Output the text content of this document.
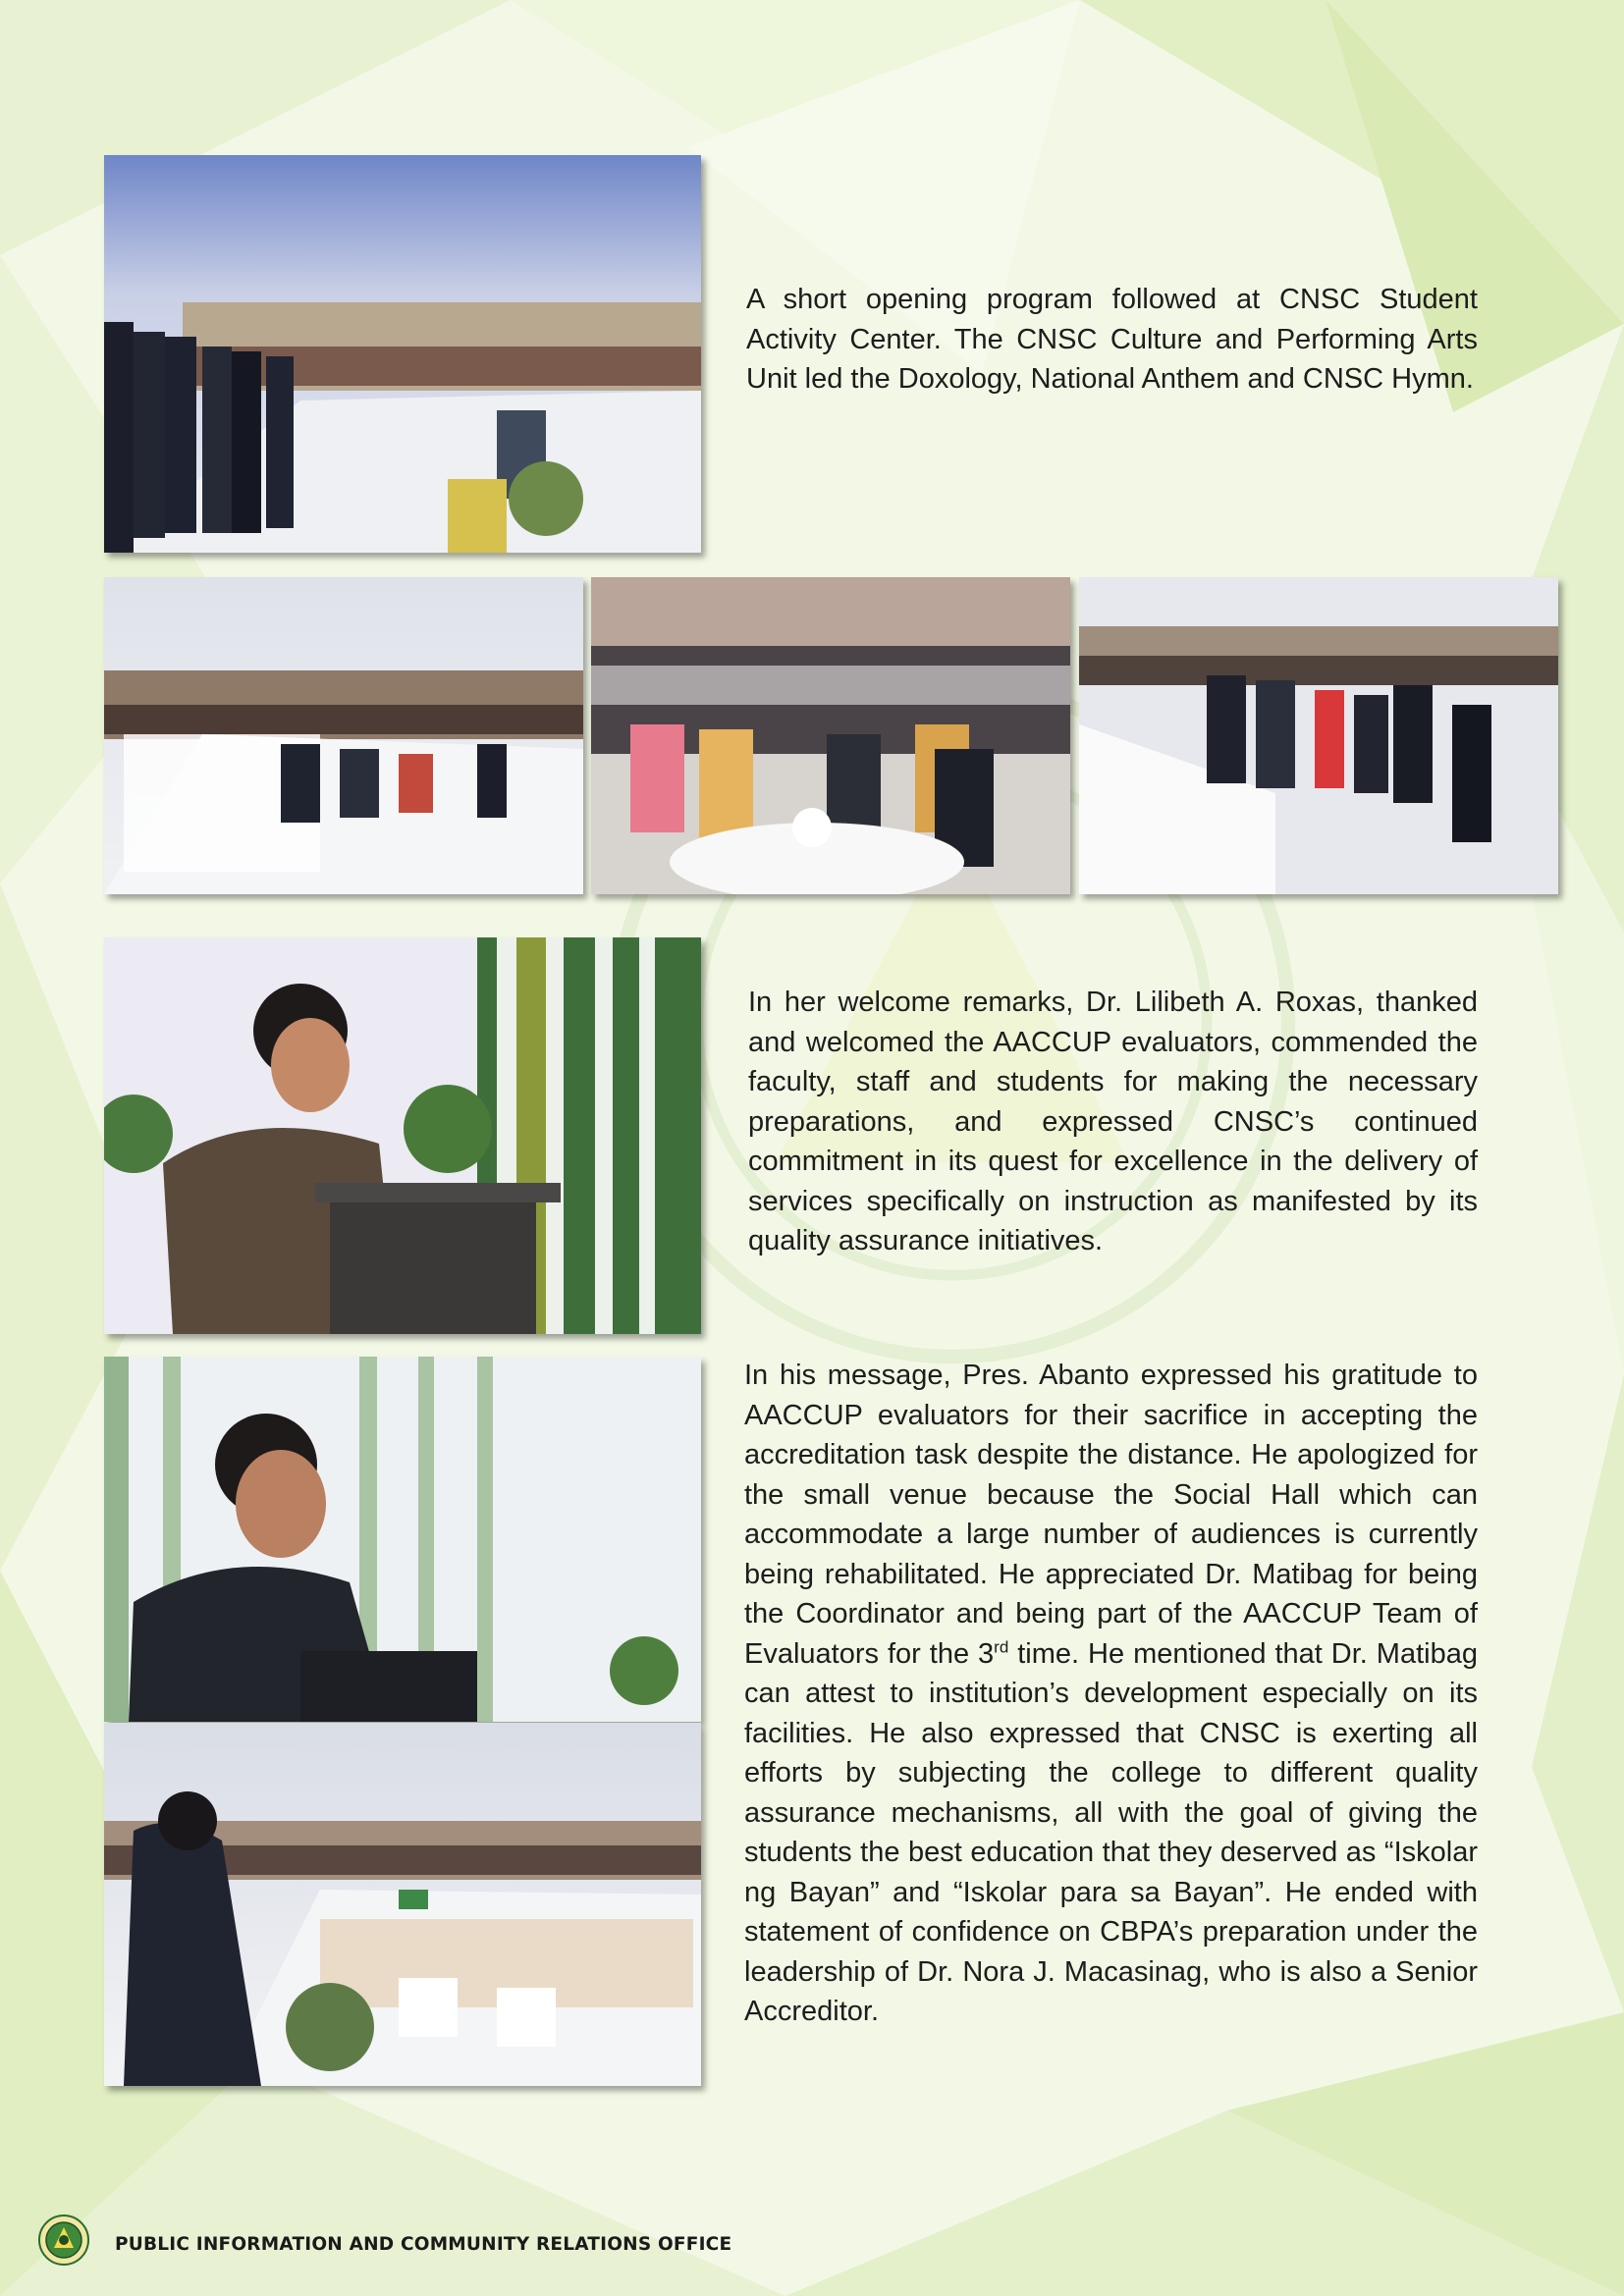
A short opening program followed at CNSC Student Activity Center. The CNSC Culture and Performing Arts Unit led the Doxology, National Anthem and CNSC Hymn.

In her welcome remarks, Dr. Lilibeth A. Roxas, thanked and welcomed the AACCUP evaluators, commended the faculty, staff and students for making the necessary preparations, and expressed CNSC’s continued commitment in its quest for excellence in the delivery of services specifically on instruction as manifested by its quality assurance initiatives.

In his message, Pres. Abanto expressed his gratitude to AACCUP evaluators for their sacrifice in accepting the accreditation task despite the distance. He apologized for the small venue because the Social Hall which can accommodate a large number of audiences is currently being rehabilitated. He appreciated Dr. Matibag for being the Coordinator and being part of the AACCUP Team of Evaluators for the 3rd time. He mentioned that Dr. Matibag can attest to institution’s development especially on its facilities. He also expressed that CNSC is exerting all efforts by subjecting the college to different quality assurance mechanisms, all with the goal of giving the students the best education that they deserved as “Iskolar ng Bayan” and “Iskolar para sa Bayan”. He ended with statement of confidence on CBPA’s preparation under the leadership of Dr. Nora J. Macasinag, who is also a Senior Accreditor.

PUBLIC INFORMATION AND COMMUNITY RELATIONS OFFICE
